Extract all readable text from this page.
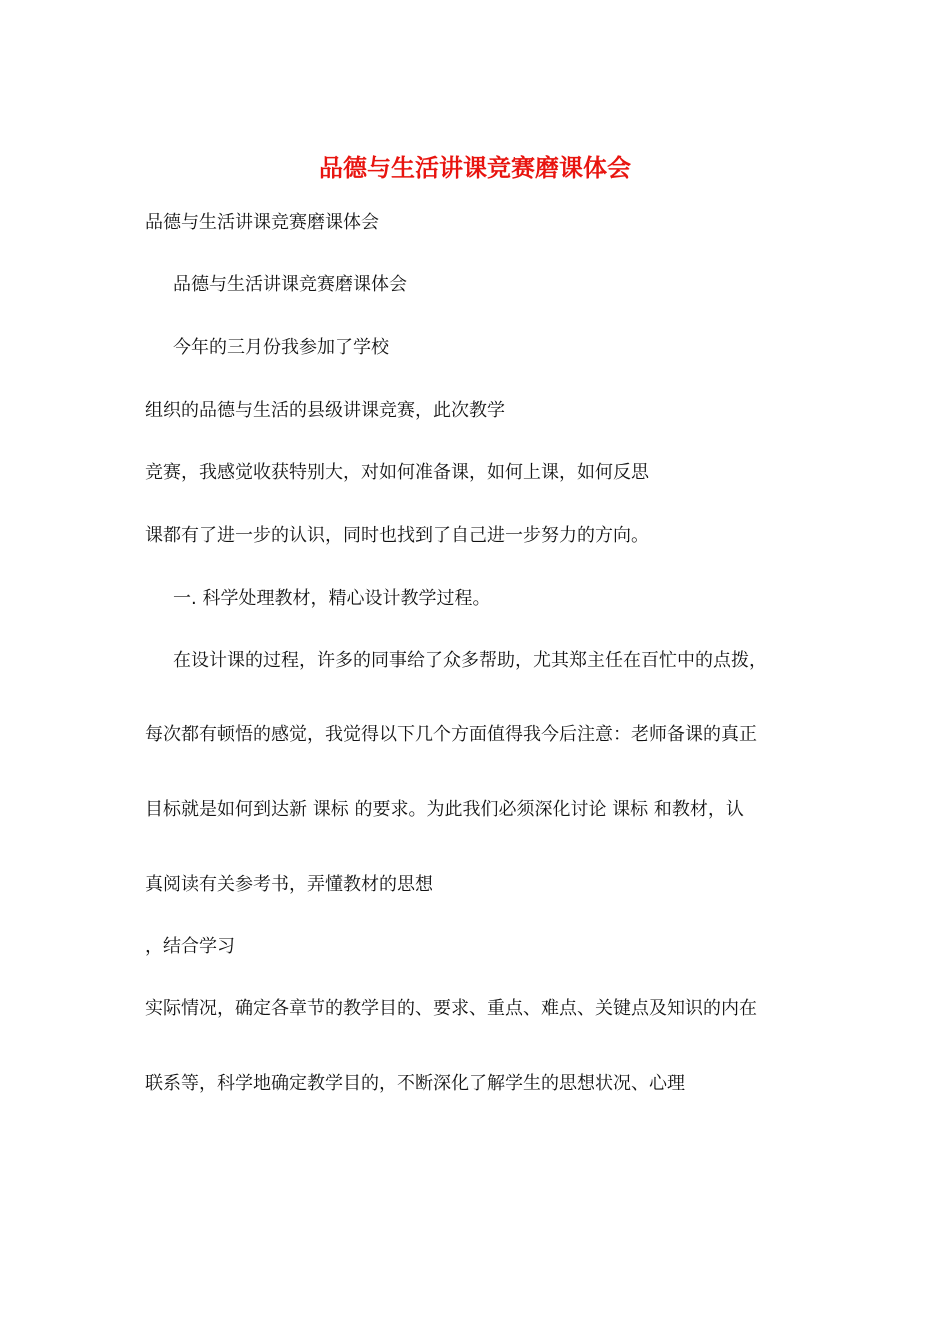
品德与生活讲课竞赛磨课体会
品德与生活讲课竞赛磨课体会
品德与生活讲课竞赛磨课体会
今年的三月份我参加了学校
组织的品德与生活的县级讲课竞赛，此次教学
竞赛，我感觉收获特别大，对如何准备课，如何上课，如何反思
课都有了进一步的认识，同时也找到了自己进一步努力的方向。
一. 科学处理教材，精心设计教学过程。
在设计课的过程，许多的同事给了众多帮助，尤其郑主任在百忙中的点拨，
每次都有顿悟的感觉，我觉得以下几个方面值得我今后注意：老师备课的真正
目标就是如何到达新 课标 的要求。为此我们必须深化讨论 课标 和教材，认
真阅读有关参考书，弄懂教材的思想
，结合学习
实际情况，确定各章节的教学目的、要求、重点、难点、关键点及知识的内在
联系等，科学地确定教学目的，不断深化了解学生的思想状况、心理
